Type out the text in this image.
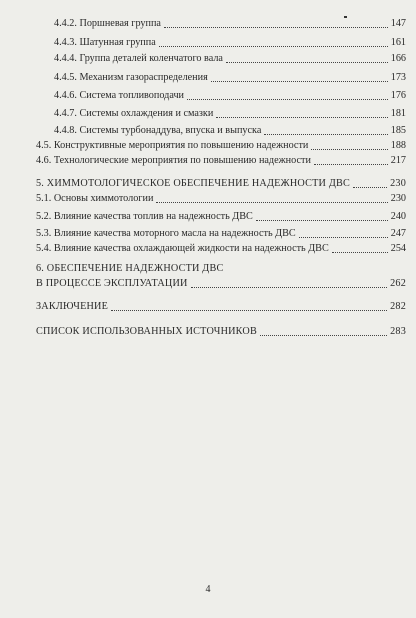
4.4.2. Поршневая группа	147
4.4.3. Шатунная группа	161
4.4.4. Группа деталей коленчатого вала	166
4.4.5. Механизм газораспределения	173
4.4.6. Система топливоподачи	176
4.4.7. Системы охлаждения и смазки	181
4.4.8. Системы турбонаддува, впуска и выпуска	185
4.5. Конструктивные мероприятия по повышению надежности	188
4.6. Технологические мероприятия по повышению надежности	217
5. ХИММОТОЛОГИЧЕСКОЕ ОБЕСПЕЧЕНИЕ НАДЕЖНОСТИ ДВС	230
5.1. Основы химмотологии	230
5.2. Влияние качества топлив на надежность ДВС	240
5.3. Влияние качества моторного масла на надежность ДВС	247
5.4. Влияние качества охлаждающей жидкости на надежность ДВС	254
6. ОБЕСПЕЧЕНИЕ НАДЕЖНОСТИ ДВС
В ПРОЦЕССЕ ЭКСПЛУАТАЦИИ	262
ЗАКЛЮЧЕНИЕ	282
СПИСОК ИСПОЛЬЗОВАННЫХ ИСТОЧНИКОВ	283
4
